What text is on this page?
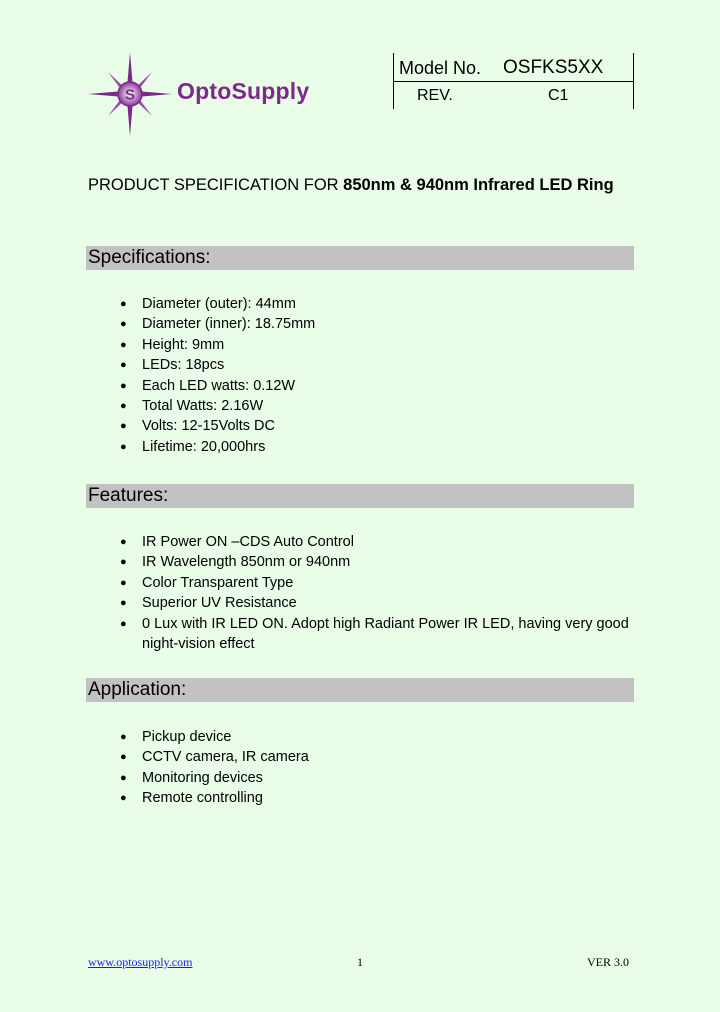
S OptoSupply
Model No. OSFKS5XX
REV.	C1
PRODUCT SPECIFICATION FOR 850nm & 940nm Infrared LED Ring
Specifications:
● Diameter (outer): 44mm
● Diameter (inner): 18.75mm
● Height: 9mm
● LEDs: 18pcs
● Each LED watts: 0.12W
● Total Watts: 2.16W
● Volts: 12-15Volts DC
● Lifetime: 20,000hrs
Features:
● IR Power ON –CDS Auto Control
● IR Wavelength 850nm or 940nm
● Color Transparent Type
● Superior UV Resistance
● 0 Lux with IR LED ON. Adopt high Radiant Power IR LED, having very good night-vision effect
Application:
● Pickup device
● CCTV camera, IR camera
● Monitoring devices
● Remote controlling
www.optosupply.com	1	VER 3.0
